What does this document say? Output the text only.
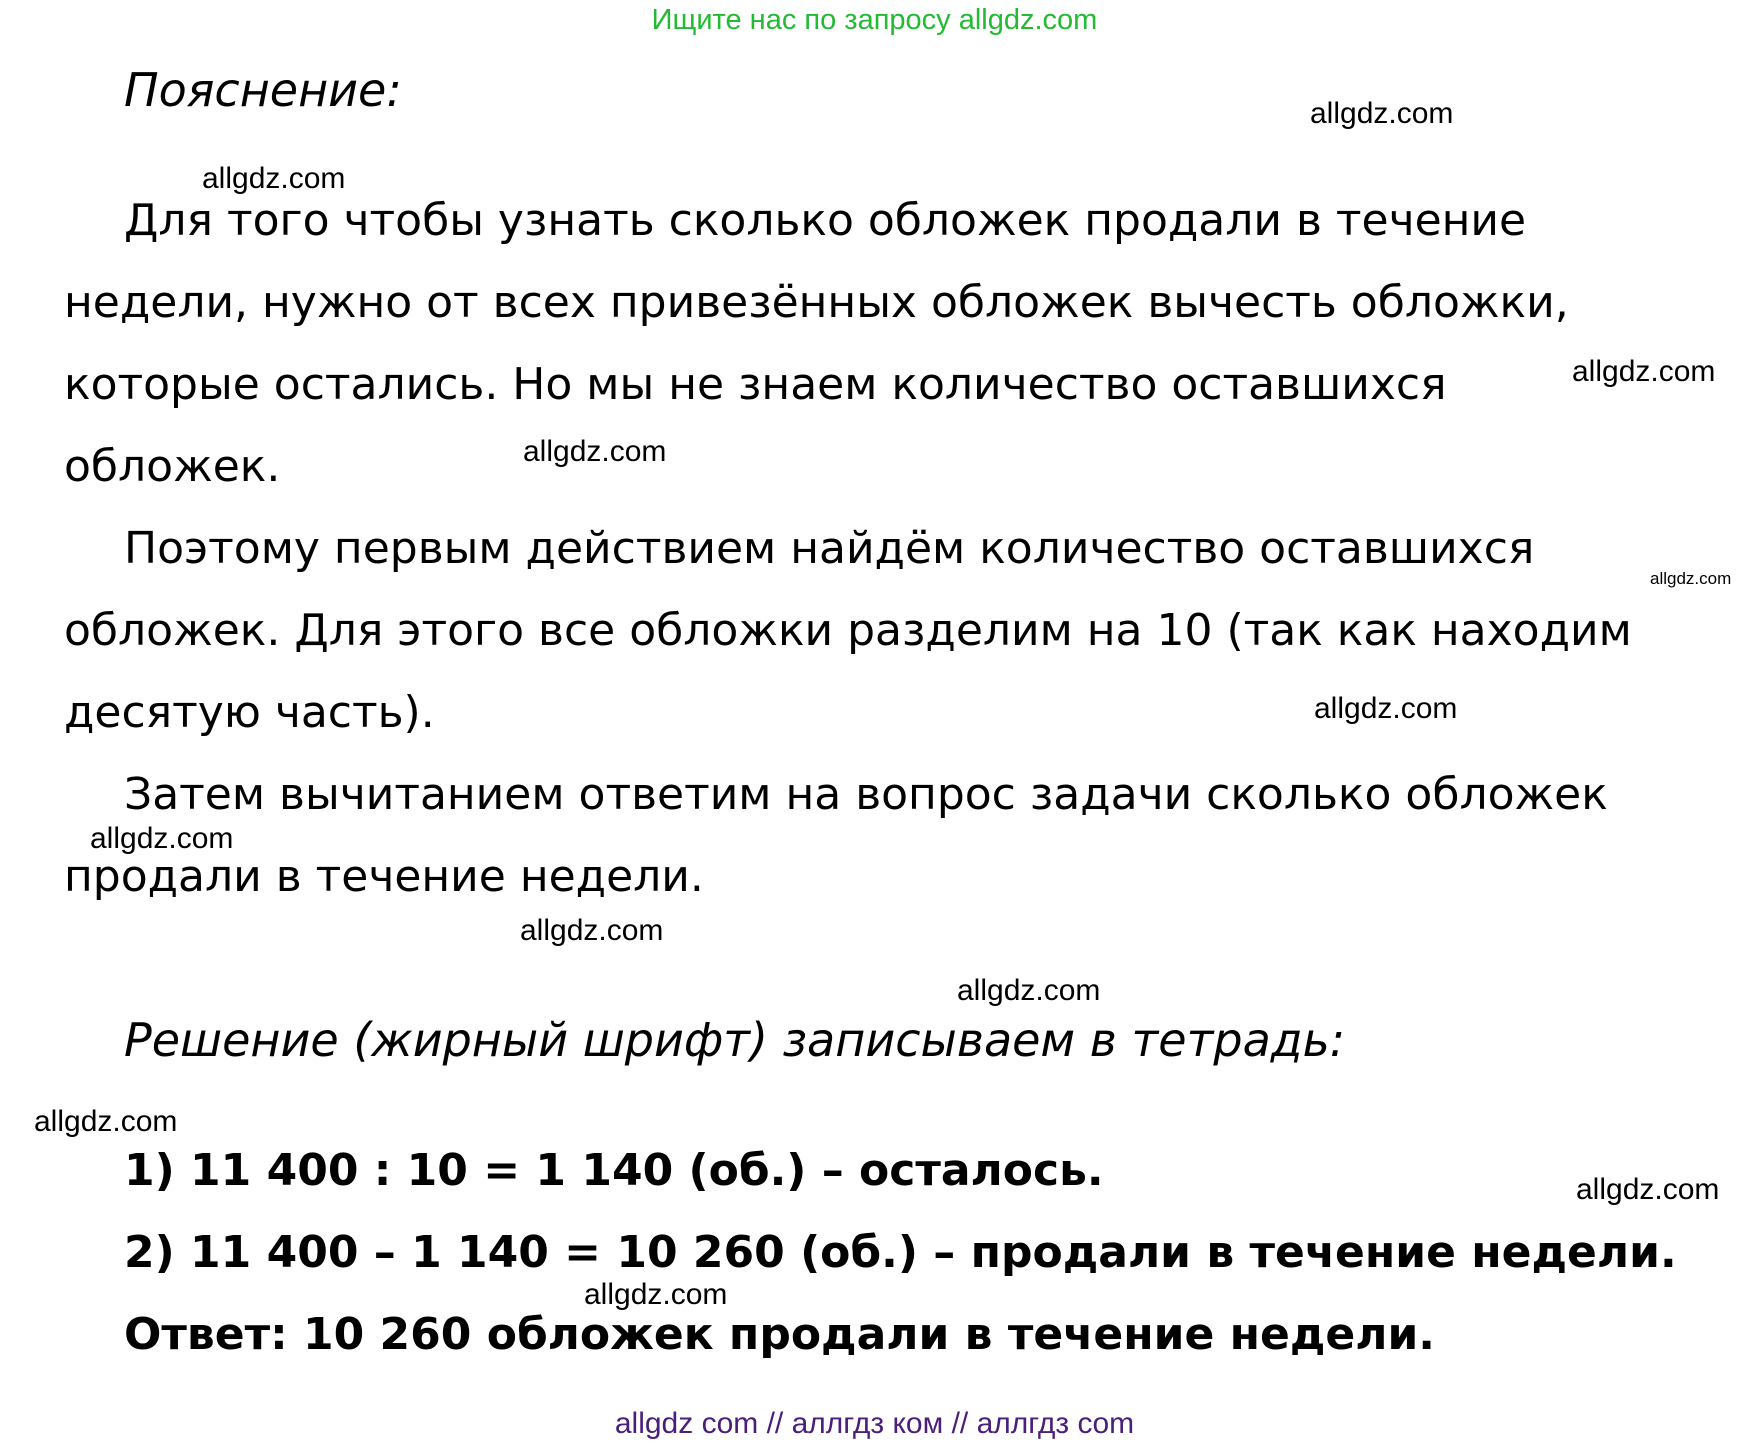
Ищите нас по запросу allgdz.com
Пояснение:
Для того чтобы узнать сколько обложек продали в течение
недели, нужно от всех привезённых обложек вычесть обложки,
которые остались. Но мы не знаем количество оставшихся
обложек.
Поэтому первым действием найдём количество оставшихся
обложек. Для этого все обложки разделим на 10 (так как находим
десятую часть).
Затем вычитанием ответим на вопрос задачи сколько обложек
продали в течение недели.
Решение (жирный шрифт) записываем в тетрадь:
1) 11 400 : 10 = 1 140 (об.) – осталось.
2) 11 400 – 1 140 = 10 260 (об.) – продали в течение недели.
Ответ: 10 260 обложек продали в течение недели.
allgdz.com
allgdz.com
allgdz.com
allgdz.com
allgdz.com
allgdz.com
allgdz.com
allgdz.com
allgdz.com
allgdz.com
allgdz.com
allgdz.com
allgdz com // аллгдз ком // аллгдз com
